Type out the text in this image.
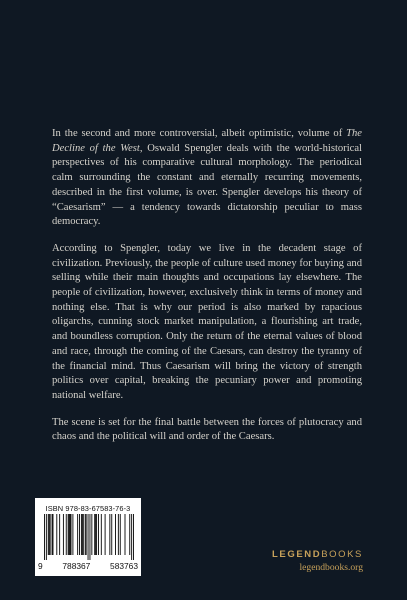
In the second and more controversial, albeit optimistic, volume of The Decline of the West, Oswald Spengler deals with the world-historical perspectives of his comparative cultural morphology. The periodical calm surrounding the constant and eternally recurring movements, described in the first volume, is over. Spengler develops his theory of “Caesarism” — a tendency towards dictatorship peculiar to mass democracy.

According to Spengler, today we live in the decadent stage of civilization. Previously, the people of culture used money for buying and selling while their main thoughts and occupations lay elsewhere. The people of civilization, however, exclusively think in terms of money and nothing else. That is why our period is also marked by rapacious oligarchs, cunning stock market manipulation, a flourishing art trade, and boundless corruption. Only the return of the eternal values of blood and race, through the coming of the Caesars, can destroy the tyranny of the financial mind. Thus Caesarism will bring the victory of strength politics over capital, breaking the pecuniary power and promoting national welfare.

The scene is set for the final battle between the forces of plutocracy and chaos and the political will and order of the Caesars.

ISBN 978-83-67583-76-3
9 788367 583763
LEGENDBOOKS
legendbooks.org
